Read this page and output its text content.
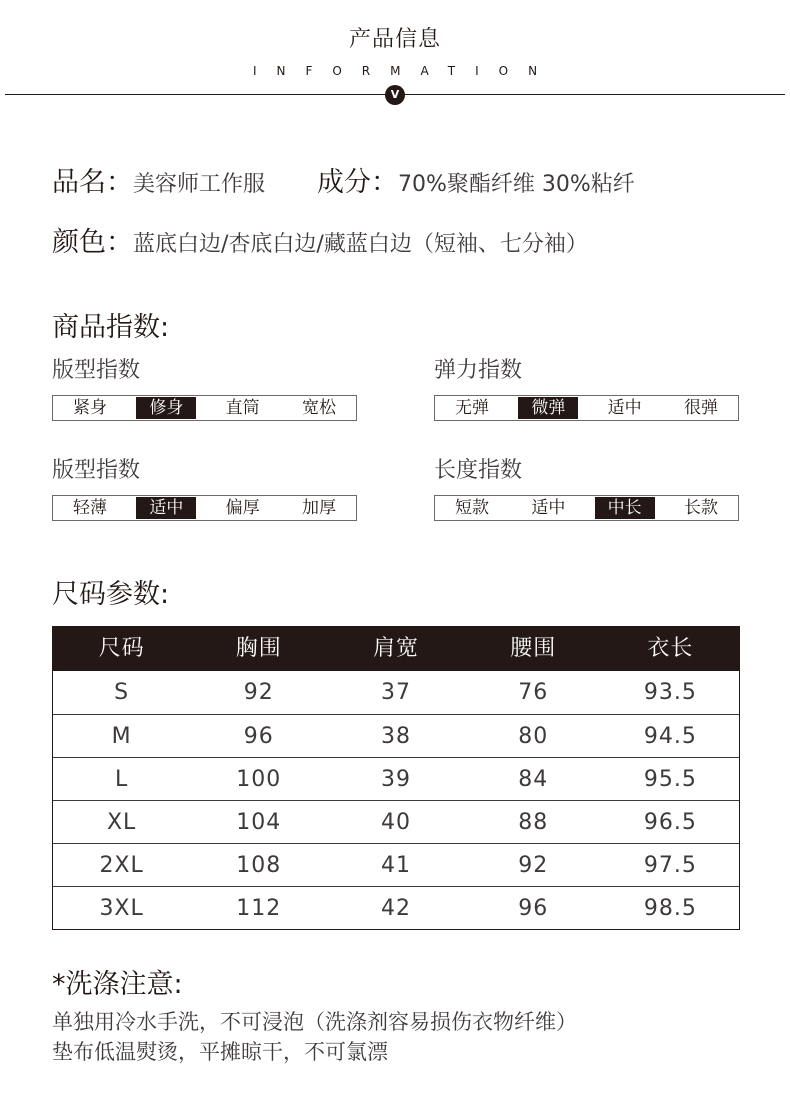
产品信息
INFORMATION
V
品名： 美容师工作服 成分： 70%聚酯纤维 30%粘纤
颜色： 蓝底白边/杏底白边/藏蓝白边（短袖、七分袖）
商品指数:
版型指数
紧身	修身	直筒	宽松
弹力指数
无弹	微弹	适中	很弹
版型指数
轻薄	适中	偏厚	加厚
长度指数
短款	适中	中长	长款
尺码参数:
尺码	胸围	肩宽	腰围	衣长
S	92	37	76	93.5
M	96	38	80	94.5
L	100	39	84	95.5
XL	104	40	88	96.5
2XL	108	41	92	97.5
3XL	112	42	96	98.5
*洗涤注意:
单独用冷水手洗，不可浸泡（洗涤剂容易损伤衣物纤维）
垫布低温熨烫，平摊晾干，不可氯漂
